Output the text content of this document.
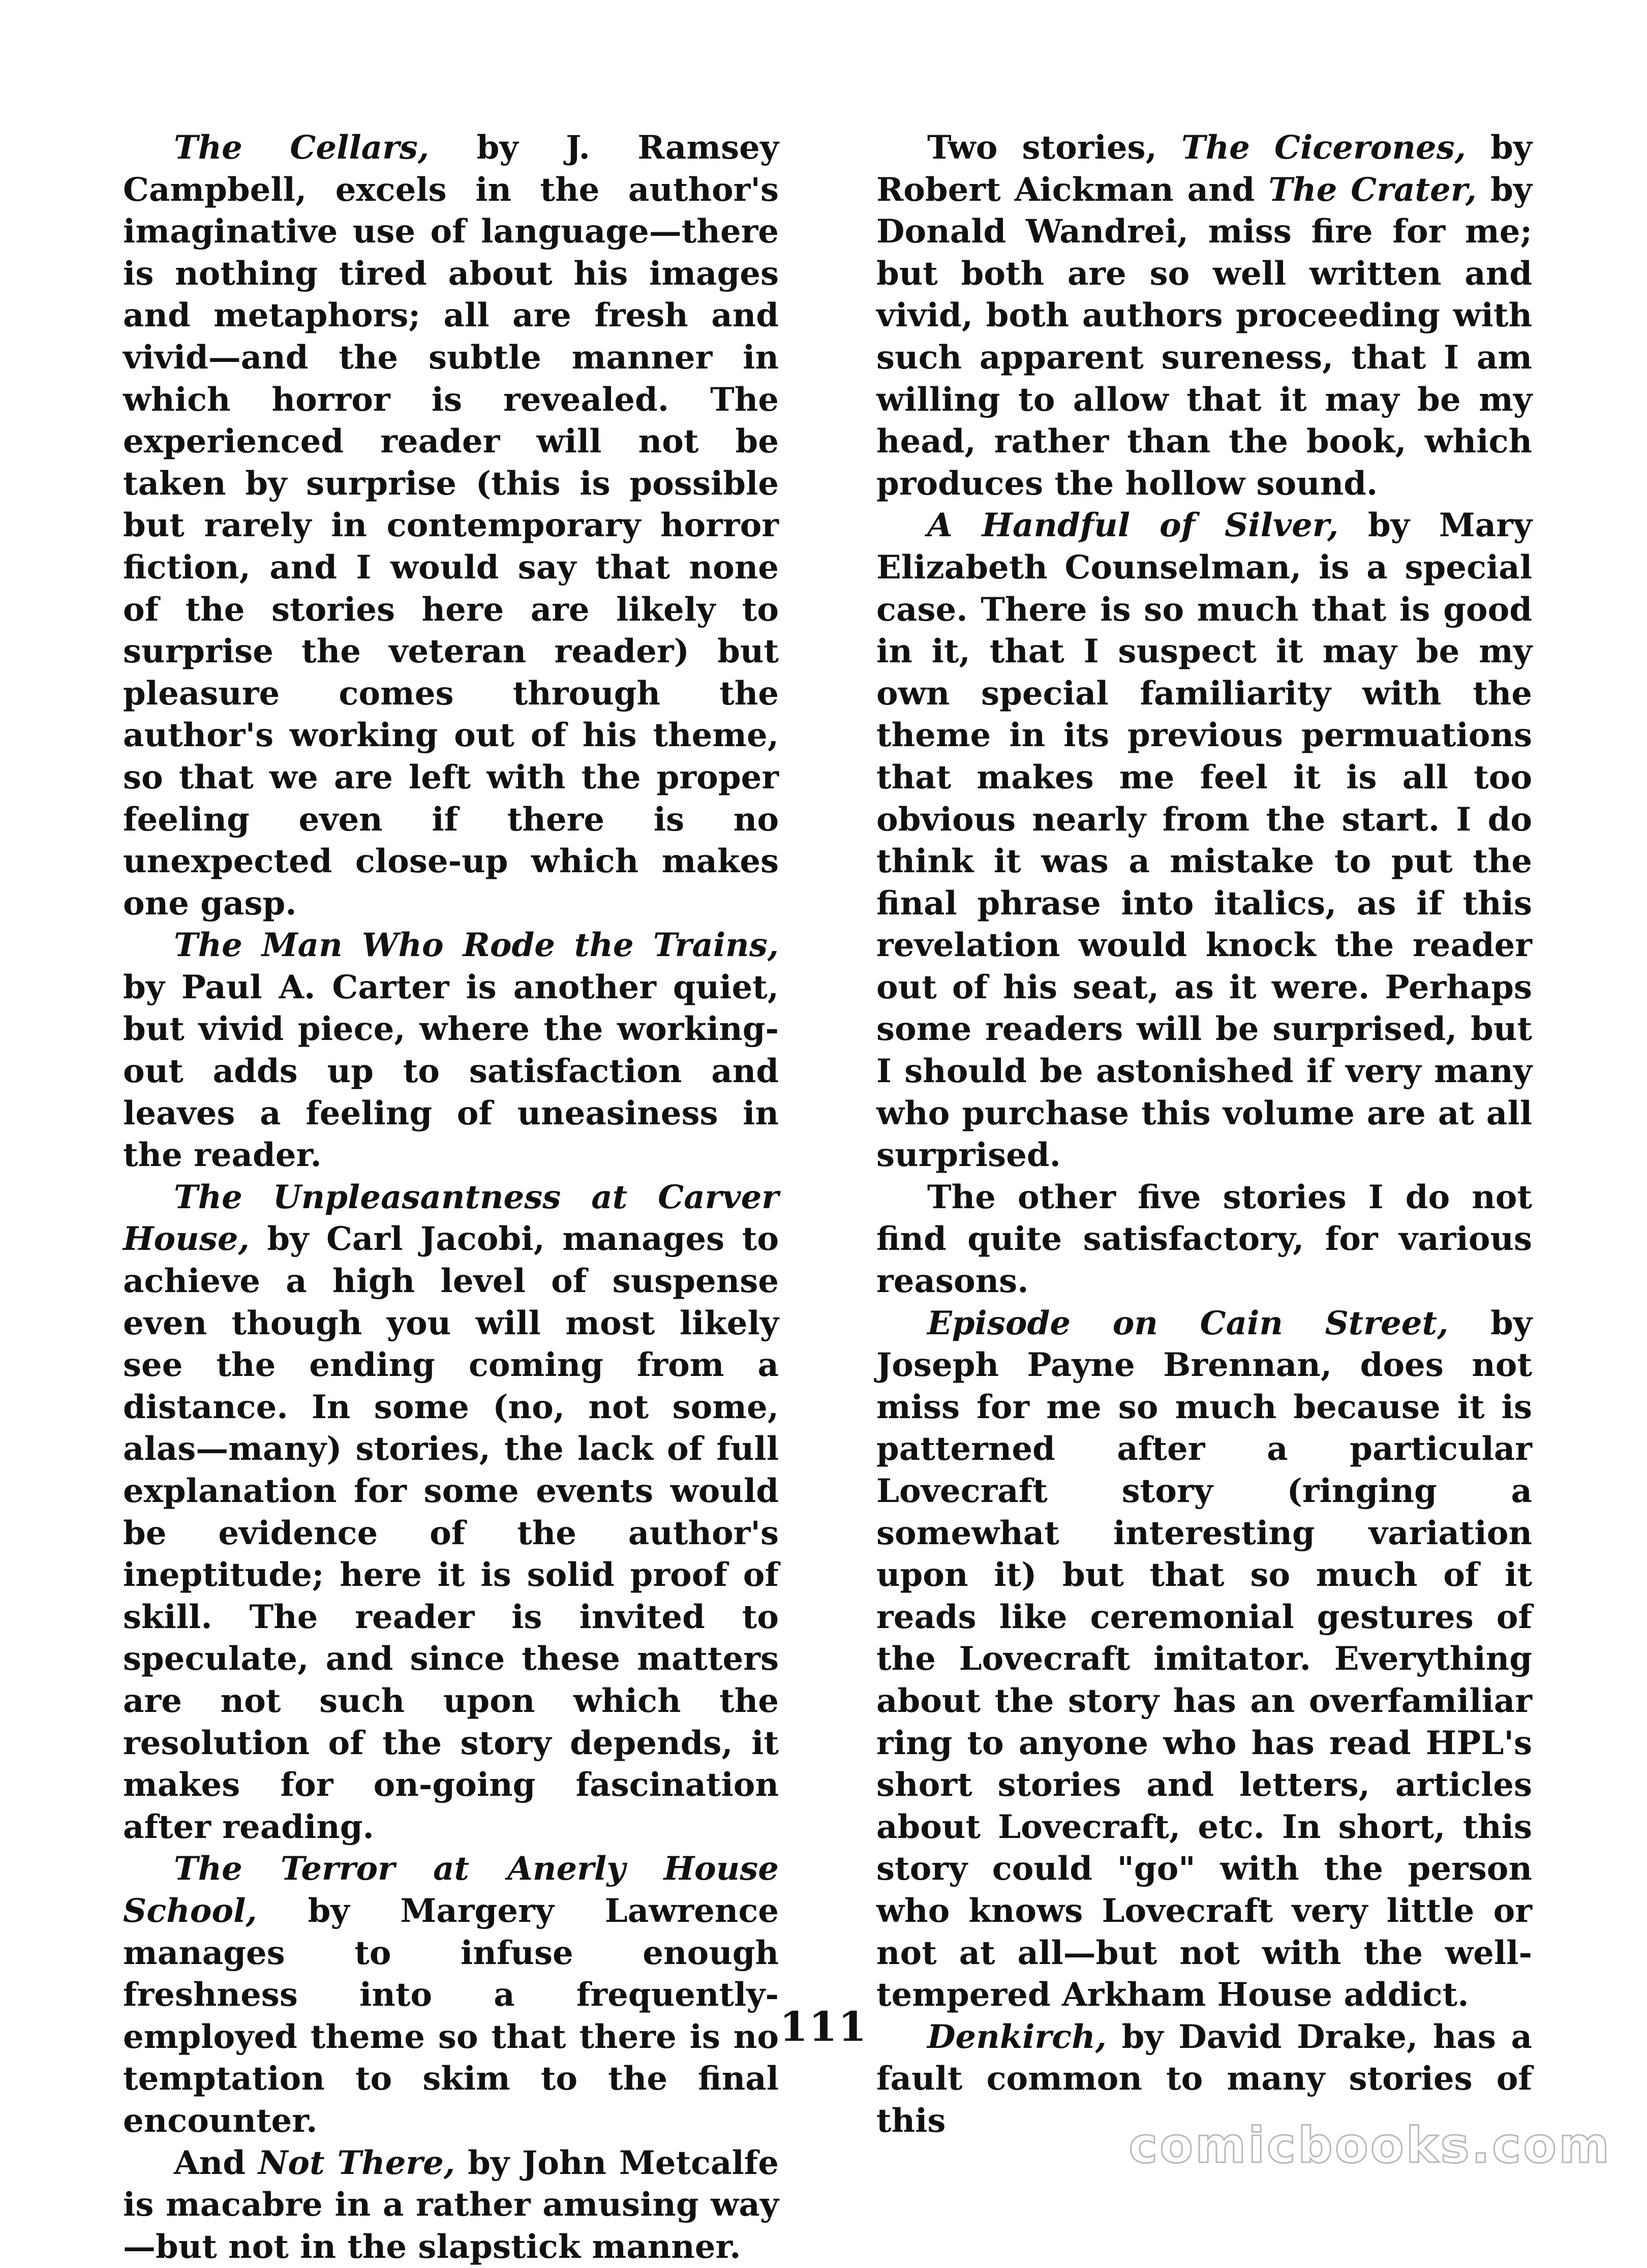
The Cellars, by J. Ramsey Campbell, excels in the author's imaginative use of language—there is nothing tired about his images and metaphors; all are fresh and vivid—and the subtle manner in which horror is revealed. The experienced reader will not be taken by surprise (this is possible but rarely in contemporary horror fiction, and I would say that none of the stories here are likely to surprise the veteran reader) but pleasure comes through the author's working out of his theme, so that we are left with the proper feeling even if there is no unexpected close-up which makes one gasp.

The Man Who Rode the Trains, by Paul A. Carter is another quiet, but vivid piece, where the working-out adds up to satisfaction and leaves a feeling of uneasiness in the reader.

The Unpleasantness at Carver House, by Carl Jacobi, manages to achieve a high level of suspense even though you will most likely see the ending coming from a distance. In some (no, not some, alas—many) stories, the lack of full explanation for some events would be evidence of the author's ineptitude; here it is solid proof of skill. The reader is invited to speculate, and since these matters are not such upon which the resolution of the story depends, it makes for on-going fascination after reading.

The Terror at Anerly House School, by Margery Lawrence manages to infuse enough freshness into a frequently-employed theme so that there is no temptation to skim to the final encounter.

And Not There, by John Metcalfe is macabre in a rather amusing way —but not in the slapstick manner.

Two stories, The Cicerones, by Robert Aickman and The Crater, by Donald Wandrei, miss fire for me; but both are so well written and vivid, both authors proceeding with such apparent sureness, that I am willing to allow that it may be my head, rather than the book, which produces the hollow sound.

A Handful of Silver, by Mary Elizabeth Counselman, is a special case. There is so much that is good in it, that I suspect it may be my own special familiarity with the theme in its previous permuations that makes me feel it is all too obvious nearly from the start. I do think it was a mistake to put the final phrase into italics, as if this revelation would knock the reader out of his seat, as it were. Perhaps some readers will be surprised, but I should be astonished if very many who purchase this volume are at all surprised.

The other five stories I do not find quite satisfactory, for various reasons.

Episode on Cain Street, by Joseph Payne Brennan, does not miss for me so much because it is patterned after a particular Lovecraft story (ringing a somewhat interesting variation upon it) but that so much of it reads like ceremonial gestures of the Lovecraft imitator. Everything about the story has an overfamiliar ring to anyone who has read HPL's short stories and letters, articles about Lovecraft, etc. In short, this story could "go" with the person who knows Lovecraft very little or not at all—but not with the well-tempered Arkham House addict.

Denkirch, by David Drake, has a fault common to many stories of this

111
comicbooks.com
